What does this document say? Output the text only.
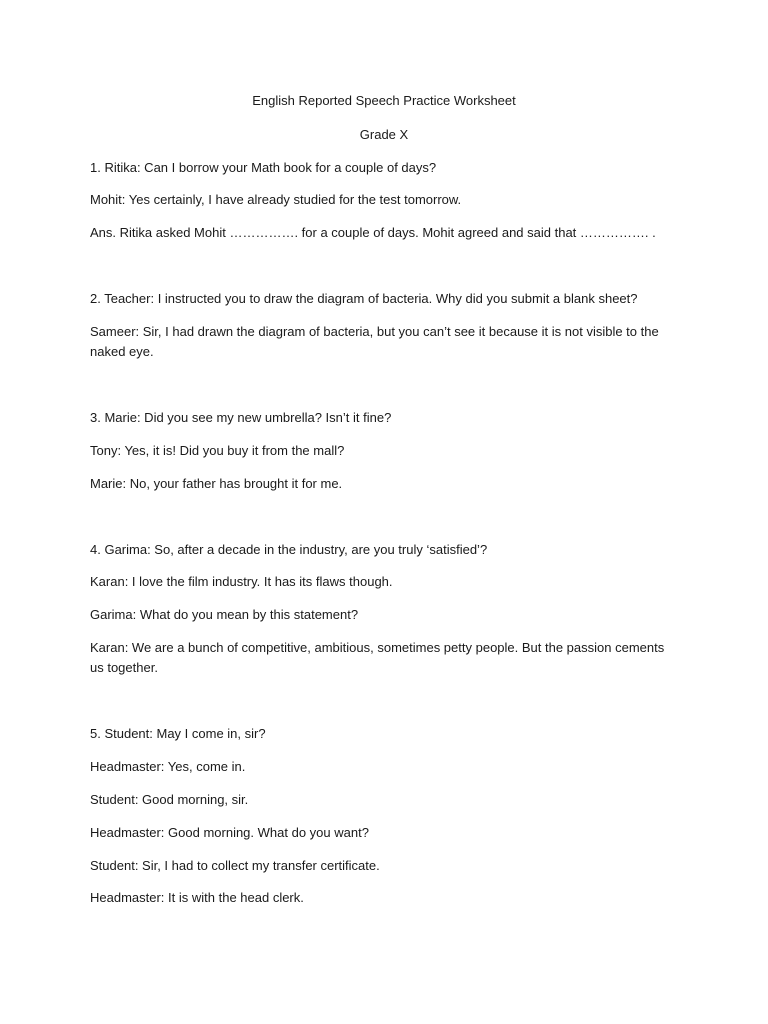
English Reported Speech Practice Worksheet
Grade X
1. Ritika: Can I borrow your Math book for a couple of days?
Mohit: Yes certainly, I have already studied for the test tomorrow.
Ans. Ritika asked Mohit ……………. for a couple of days. Mohit agreed and said that ……………. .
2. Teacher: I instructed you to draw the diagram of bacteria. Why did you submit a blank sheet?
Sameer: Sir, I had drawn the diagram of bacteria, but you can’t see it because it is not visible to the naked eye.
3. Marie: Did you see my new umbrella? Isn’t it fine?
Tony: Yes, it is! Did you buy it from the mall?
Marie: No, your father has brought it for me.
4. Garima: So, after a decade in the industry, are you truly ‘satisfied’?
Karan: I love the film industry. It has its flaws though.
Garima: What do you mean by this statement?
Karan: We are a bunch of competitive, ambitious, sometimes petty people. But the passion cements us together.
5. Student: May I come in, sir?
Headmaster: Yes, come in.
Student: Good morning, sir.
Headmaster: Good morning. What do you want?
Student: Sir, I had to collect my transfer certificate.
Headmaster: It is with the head clerk.
